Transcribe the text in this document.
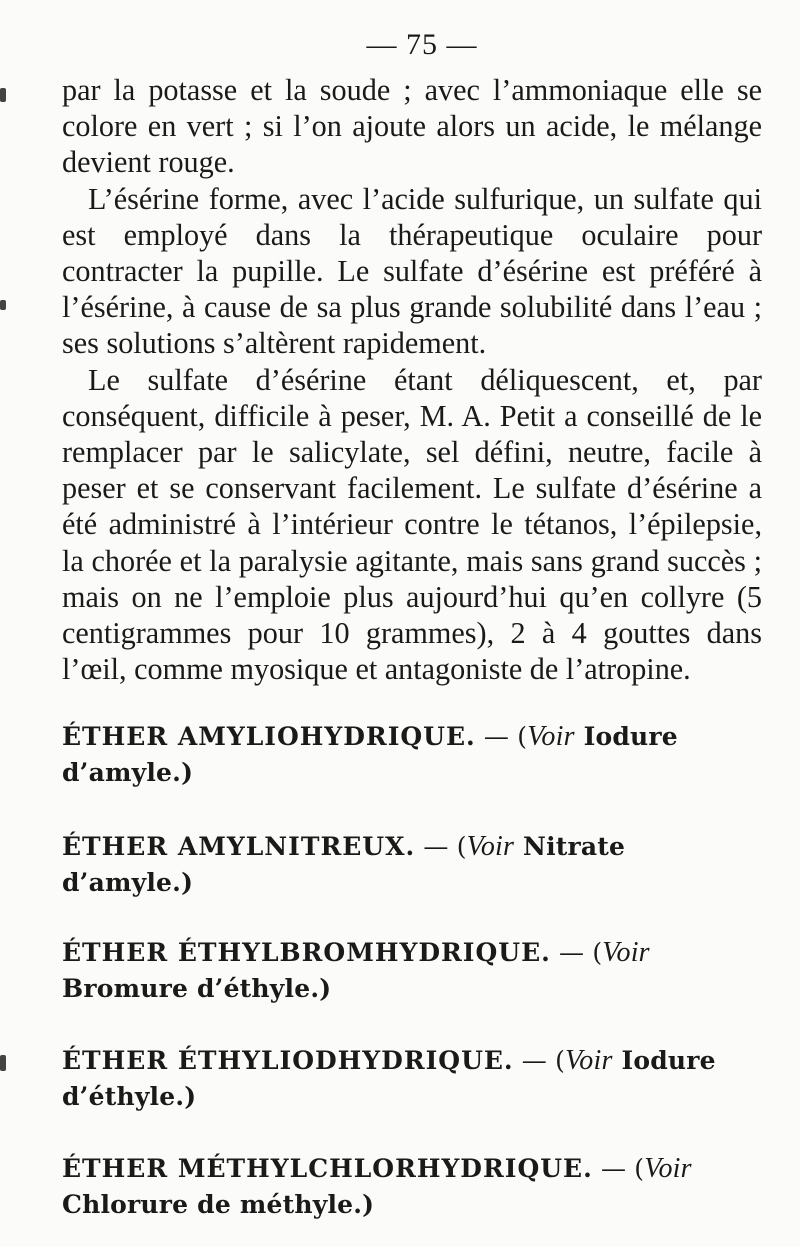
— 75 —

par la potasse et la soude ; avec l’ammoniaque elle se colore en vert ; si l’on ajoute alors un acide, le mélange devient rouge.

L’ésérine forme, avec l’acide sulfurique, un sulfate qui est employé dans la thérapeutique oculaire pour contracter la pupille. Le sulfate d’ésérine est préféré à l’ésérine, à cause de sa plus grande solubilité dans l’eau ; ses solutions s’altèrent rapidement.

Le sulfate d’ésérine étant déliquescent, et, par conséquent, difficile à peser, M. A. Petit a conseillé de le remplacer par le salicylate, sel défini, neutre, facile à peser et se conservant facilement. Le sulfate d’ésérine a été administré à l’intérieur contre le tétanos, l’épilepsie, la chorée et la paralysie agitante, mais sans grand succès ; mais on ne l’emploie plus aujourd’hui qu’en collyre (5 centigrammes pour 10 grammes), 2 à 4 gouttes dans l’œil, comme myosique et antagoniste de l’atropine.

ÉTHER AMYLIOHYDRIQUE. — (Voir Iodure d’amyle.)

ÉTHER AMYLNITREUX. — (Voir Nitrate d’amyle.)

ÉTHER ÉTHYLBROMHYDRIQUE. — (Voir Bromure d’éthyle.)

ÉTHER ÉTHYLIODHYDRIQUE. — (Voir Iodure d’éthyle.)

ÉTHER MÉTHYLCHLORHYDRIQUE. — (Voir Chlorure de méthyle.)
